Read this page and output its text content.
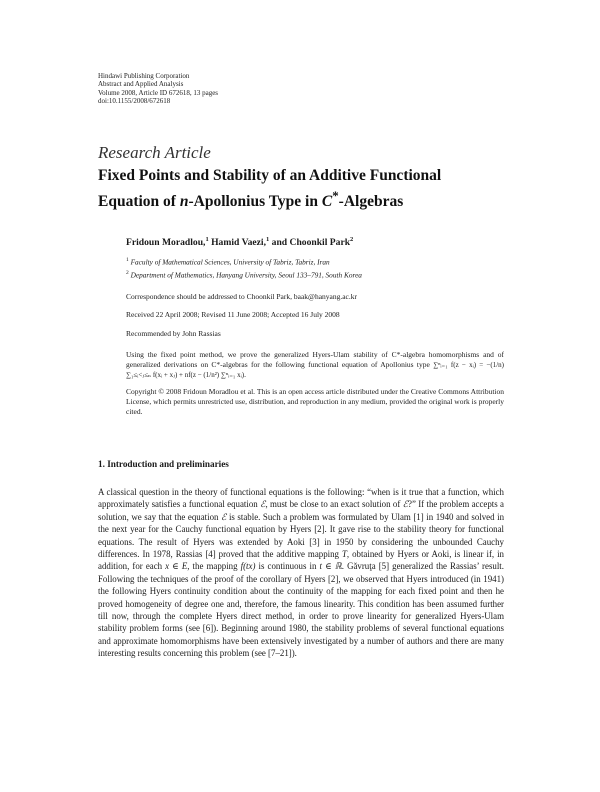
Hindawi Publishing Corporation
Abstract and Applied Analysis
Volume 2008, Article ID 672618, 13 pages
doi:10.1155/2008/672618
Research Article
Fixed Points and Stability of an Additive Functional
Equation of n-Apollonius Type in C*-Algebras
Fridoun Moradlou,$^1$ Hamid Vaezi,$^1$ and Choonkil Park$^2$
$^1$ Faculty of Mathematical Sciences, University of Tabriz, Tabriz, Iran
$^2$ Department of Mathematics, Hanyang University, Seoul 133–791, South Korea
Correspondence should be addressed to Choonkil Park, baak@hanyang.ac.kr
Received 22 April 2008; Revised 11 June 2008; Accepted 16 July 2008
Recommended by John Rassias
Using the fixed point method, we prove the generalized Hyers-Ulam stability of C*-algebra homomorphisms and of generalized derivations on C*-algebras for the following functional equation of Apollonius type ∑ⁿᵢ₌₁ f(z − xᵢ) = −(1/n) ∑₁≤ᵢ<ⱼ≤ₙ f(xᵢ + xⱼ) + nf(z − (1/n²) ∑ⁿᵢ₌₁ xᵢ).
Copyright © 2008 Fridoun Moradlou et al. This is an open access article distributed under the Creative Commons Attribution License, which permits unrestricted use, distribution, and reproduction in any medium, provided the original work is properly cited.
1. Introduction and preliminaries
A classical question in the theory of functional equations is the following: “when is it true that a function, which approximately satisfies a functional equation ℰ, must be close to an exact solution of ℰ?” If the problem accepts a solution, we say that the equation ℰ is stable. Such a problem was formulated by Ulam [1] in 1940 and solved in the next year for the Cauchy functional equation by Hyers [2]. It gave rise to the stability theory for functional equations. The result of Hyers was extended by Aoki [3] in 1950 by considering the unbounded Cauchy differences. In 1978, Rassias [4] proved that the additive mapping T, obtained by Hyers or Aoki, is linear if, in addition, for each x ∈ E, the mapping f(tx) is continuous in t ∈ ℝ. Găvruţa [5] generalized the Rassias’ result. Following the techniques of the proof of the corollary of Hyers [2], we observed that Hyers introduced (in 1941) the following Hyers continuity condition about the continuity of the mapping for each fixed point and then he proved homogeneity of degree one and, therefore, the famous linearity. This condition has been assumed further till now, through the complete Hyers direct method, in order to prove linearity for generalized Hyers-Ulam stability problem forms (see [6]). Beginning around 1980, the stability problems of several functional equations and approximate homomorphisms have been extensively investigated by a number of authors and there are many interesting results concerning this problem (see [7–21]).
